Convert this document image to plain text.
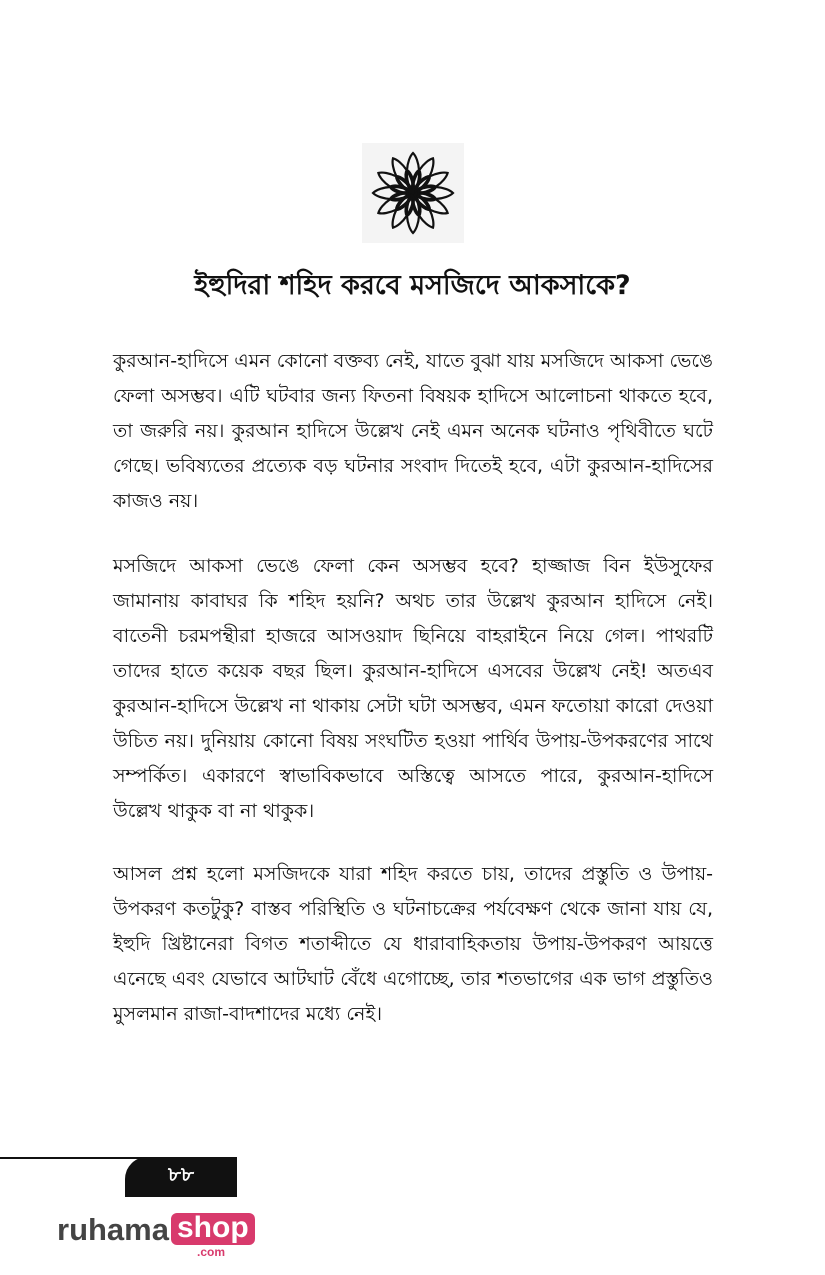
ইহুদিরা শহিদ করবে মসজিদে আকসাকে?
কুরআন-হাদিসে এমন কোনো বক্তব্য নেই, যাতে বুঝা যায় মসজিদে আকসা ভেঙে ফেলা অসম্ভব। এটি ঘটবার জন্য ফিতনা বিষয়ক হাদিসে আলোচনা থাকতে হবে, তা জরুরি নয়। কুরআন হাদিসে উল্লেখ নেই এমন অনেক ঘটনাও পৃথিবীতে ঘটে গেছে। ভবিষ্যতের প্রত্যেক বড় ঘটনার সংবাদ দিতেই হবে, এটা কুরআন-হাদিসের কাজও নয়।
মসজিদে আকসা ভেঙে ফেলা কেন অসম্ভব হবে? হাজ্জাজ বিন ইউসুফের জামানায় কাবাঘর কি শহিদ হয়নি? অথচ তার উল্লেখ কুরআন হাদিসে নেই। বাতেনী চরমপন্থীরা হাজরে আসওয়াদ ছিনিয়ে বাহরাইনে নিয়ে গেল। পাথরটি তাদের হাতে কয়েক বছর ছিল। কুরআন-হাদিসে এসবের উল্লেখ নেই! অতএব কুরআন-হাদিসে উল্লেখ না থাকায় সেটা ঘটা অসম্ভব, এমন ফতোয়া কারো দেওয়া উচিত নয়। দুনিয়ায় কোনো বিষয় সংঘটিত হওয়া পার্থিব উপায়-উপকরণের সাথে সম্পর্কিত। একারণে স্বাভাবিকভাবে অস্তিত্বে আসতে পারে, কুরআন-হাদিসে উল্লেখ থাকুক বা না থাকুক।
আসল প্রশ্ন হলো মসজিদকে যারা শহিদ করতে চায়, তাদের প্রস্তুতি ও উপায়-উপকরণ কতটুকু? বাস্তব পরিস্থিতি ও ঘটনাচক্রের পর্যবেক্ষণ থেকে জানা যায় যে, ইহুদি খ্রিষ্টানেরা বিগত শতাব্দীতে যে ধারাবাহিকতায় উপায়-উপকরণ আয়ত্তে এনেছে এবং যেভাবে আটঘাট বেঁধে এগোচ্ছে, তার শতভাগের এক ভাগ প্রস্তুতিও মুসলমান রাজা-বাদশাদের মধ্যে নেই।
৮৮
ruhama shop
.com
